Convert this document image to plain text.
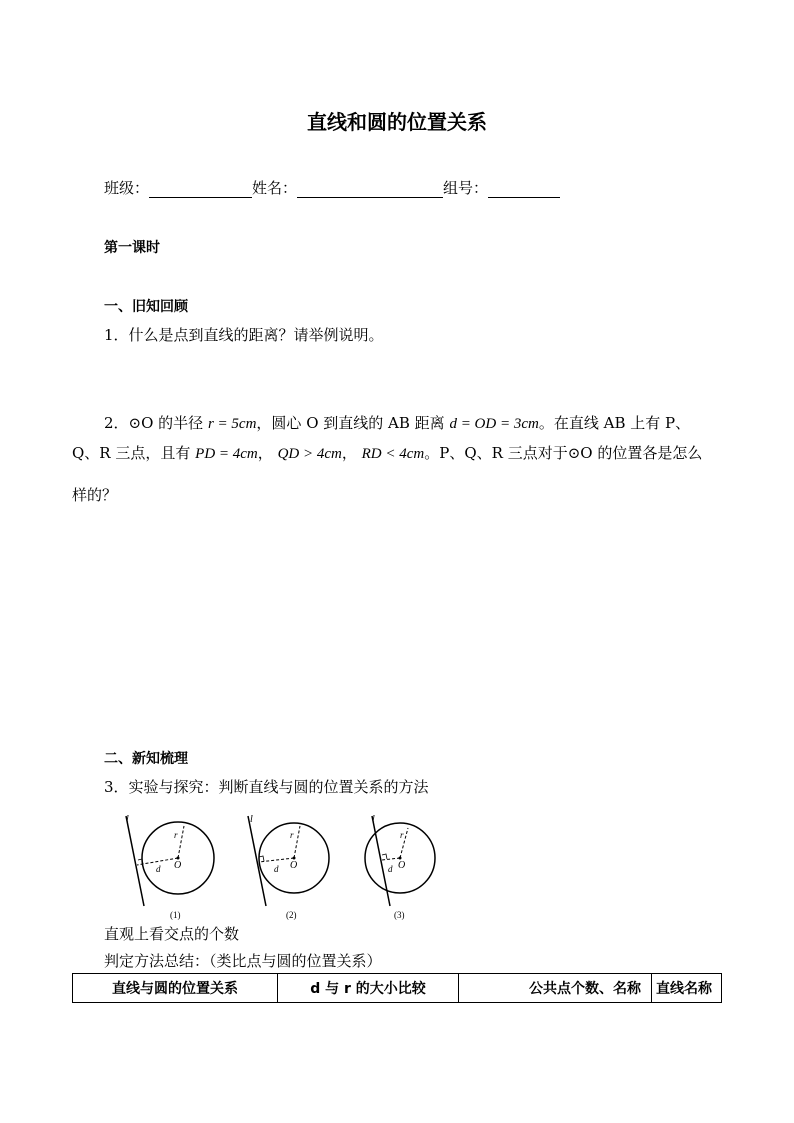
直线和圆的位置关系
班级：	姓名：	组号：
第一课时
一、旧知回顾
1．什么是点到直线的距离？请举例说明。
2．⊙O 的半径 r = 5cm，圆心 O 到直线的 AB 距离 d = OD = 3cm。在直线 AB 上有 P、
Q、R 三点，且有 PD = 4cm， QD > 4cm， RD < 4cm。P、Q、R 三点对于⊙O 的位置各是怎么
样的？
二、新知梳理
3．实验与探究：判断直线与圆的位置关系的方法
l
r
d O
(1)
l
r
d O
(2)
l
r
d O
(3)
直观上看交点的个数
判定方法总结：（类比点与圆的位置关系）
直线与圆的位置关系	d 与 r 的大小比较	公共点个数、名称	直线名称
